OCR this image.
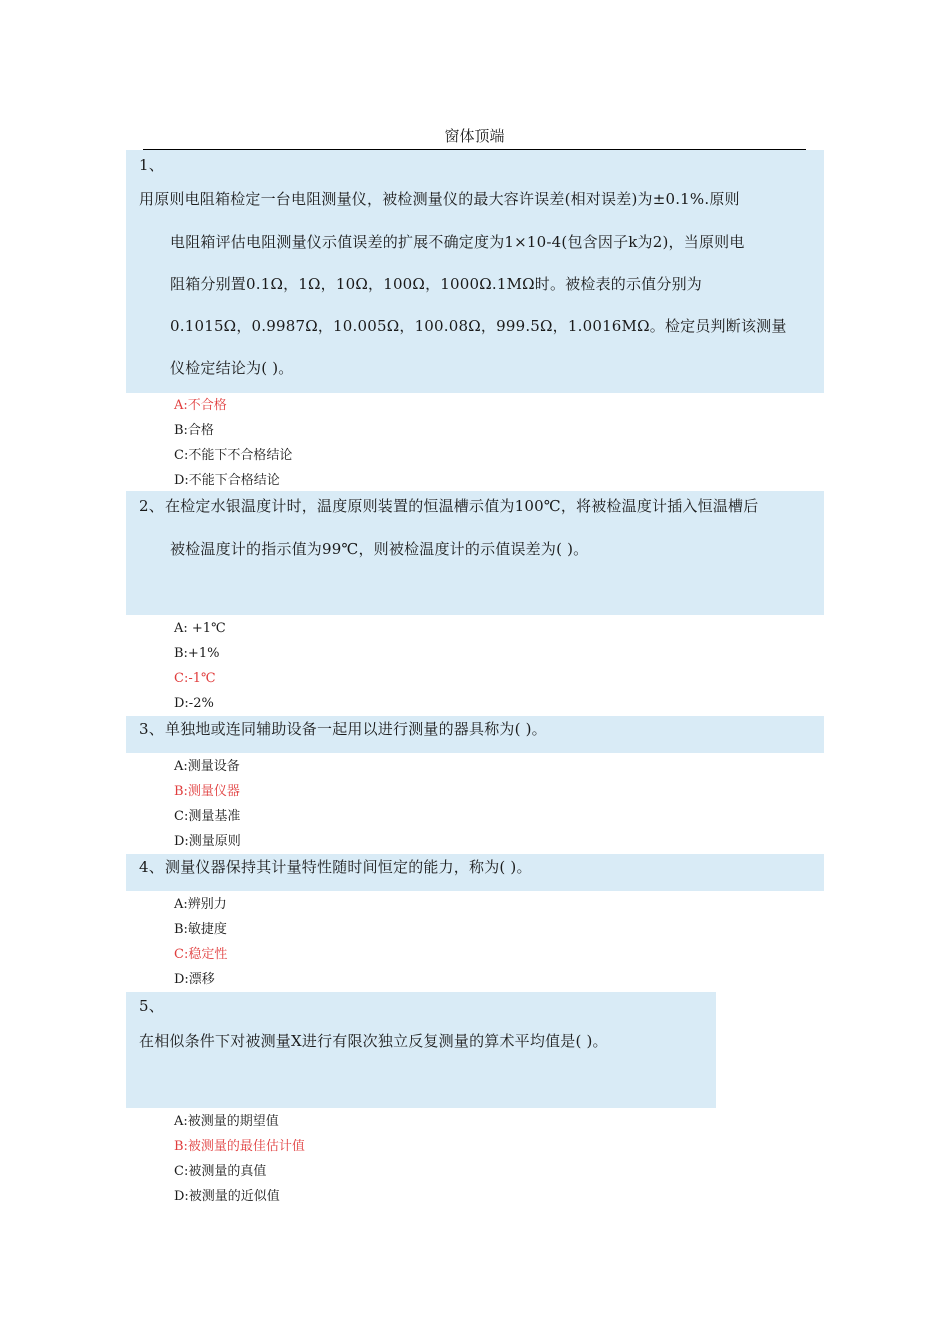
窗体顶端
1、
用原则电阻箱检定一台电阻测量仪，被检测量仪的最大容许误差(相对误差)为±0.1%.原则
电阻箱评估电阻测量仪示值误差的扩展不确定度为1×10-4(包含因子k为2)，当原则电
阻箱分别置0.1Ω，1Ω，10Ω，100Ω，1000Ω.1MΩ时。被检表的示值分别为
0.1015Ω，0.9987Ω，10.005Ω，100.08Ω，999.5Ω，1.0016MΩ。检定员判断该测量
仪检定结论为( )。
A:不合格
B:合格
C:不能下不合格结论
D:不能下合格结论
2、 在检定水银温度计时，温度原则装置的恒温槽示值为100℃，将被检温度计插入恒温槽后
被检温度计的指示值为99℃，则被检温度计的示值误差为( )。
A: +1℃
B:+1%
C:-1℃
D:-2%
3、 单独地或连同辅助设备一起用以进行测量的器具称为( )。
A:测量设备
B:测量仪器
C:测量基准
D:测量原则
4、 测量仪器保持其计量特性随时间恒定的能力，称为( )。
A:辨别力
B:敏捷度
C:稳定性
D:漂移
5、
在相似条件下对被测量X进行有限次独立反复测量的算术平均值是( )。
A:被测量的期望值
B:被测量的最佳估计值
C:被测量的真值
D:被测量的近似值
